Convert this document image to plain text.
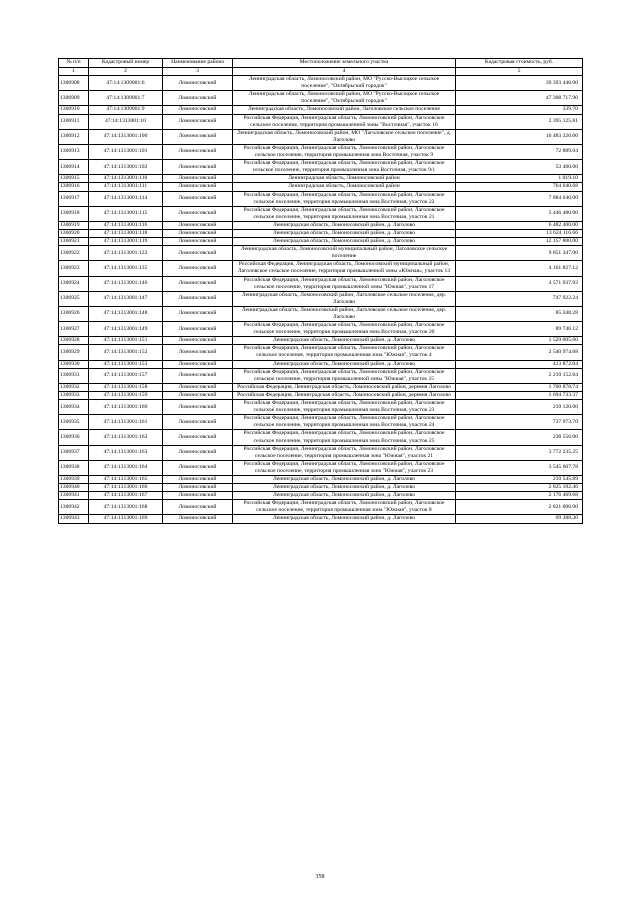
№ п/п	Кадастровый номер	Наименование района	Местоположение земельного участка	Кадастровая стоимость, руб.
1	2	3	4	5
1306908	47:14:1309001:6	Ломоносовский	Ленинградская область, Ломоносовский район, МО "Русско-Высоцкое сельское поселение", "Октябрьский городок"	39 393 440.00
1306909	47:14:1309001:7	Ломоносовский	Ленинградская область, Ломоносовский район, МО "Русско-Высоцкое сельское поселение", "Октябрьский городок"	47 308 717.90
1306910	47:14:1309001:9	Ломоносовский	Ленинградская область, Ломоносовский район, Лаголовское сельское поселение	339.70
1306911	47:14:1313001:10	Ломоносовский	Российская Федерация, Ленинградская область, Ломоносовский район, Лаголовское сельское поселение, территория промышленной зоны "Восточная", участок 16	2 395 125.81
1306912	47:14:1313001:100	Ломоносовский	Ленинградская область, Ломоносовский район, МО "Лаголовское сельское поселение", д. Лаголово	10 483 320.00
1306913	47:14:1313001:101	Ломоносовский	Российская Федерация, Ленинградская область, Ломоносовский район, Лаголовское сельское поселение, территория промышленная зона Восточная, участок 9	72 889.04
1306914	47:14:1313001:102	Ломоносовский	Российская Федерация, Ленинградская область, Ломоносовский район, Лаголовское сельское поселение, территория промышленная зона Восточная, участок 9/1	53 400.00
1306915	47:14:1313001:110	Ломоносовский	Ленинградская область, Ломоносовский район	1 019.10
1306916	47:14:1313001:111	Ломоносовский	Ленинградская область, Ломоносовский район	764 640.68
1306917	47:14:1313001:114	Ломоносовский	Российская Федерация, Ленинградская область, Ломоносовский район, Лаголовское сельское поселение, территория промышленная зона Восточная, участок 22	7 884 640.00
1306918	47:14:1313001:115	Ломоносовский	Российская Федерация, Ленинградская область, Ломоносовский район, Лаголовское сельское поселение, территория промышленная зона Восточная, участок 21	5 446 480.00
1306919	47:14:1313001:116	Ломоносовский	Ленинградская область, Ломоносовский район, д. Лаголово	6 482 400.00
1306920	47:14:1313001:118	Ломоносовский	Ленинградская область, Ломоносовский район, д. Лаголово	13 624 116.66
1306921	47:14:1313001:119	Ломоносовский	Ленинградская область, Ломоносовский район, д. Лаголово	12 157 800.00
1306922	47:14:1313001:122	Ломоносовский	Ленинградская область, Ломоносовский муниципальный район, Лаголовское сельское поселение	9 851 347.00
1306923	47:14:1313001:135	Ломоносовский	Российская Федерация, Ленинградская область, Ломоносовский муниципальный район, Лаголовское сельское поселение, территория промышленной зоны «Южная», участок 13	4 161 827.12
1306924	47:14:1313001:146	Ломоносовский	Российская Федерация, Ленинградская область, Ломоносовский район, Лаголовское сельское поселение, территория промышленной зоны "Южная", участок 17	4 571 937.92
1306925	47:14:1313001:147	Ломоносовский	Ленинградская область, Ломоносовский район, Лаголовское сельское поселение, дер. Лаголово	747 922.24
1306926	47:14:1313001:148	Ломоносовский	Ленинградская область, Ломоносовский район, Лаголовское сельское поселение, дер. Лаголово	85 348.28
1306927	47:14:1313001:149	Ломоносовский	Российская Федерация, Ленинградская область, Ломоносовский район, Лаголовское сельское поселение, территория промышленная зона Восточная, участок 20	89 746.12
1306928	47:14:1313001:151	Ломоносовский	Ленинградская область, Ломоносовский район, д. Лаголово	1 529 005.60
1306929	47:14:1313001:152	Ломоносовский	Российская Федерация, Ленинградская область, Ломоносовский район, Лаголовское сельское поселение, территория промышленная зона "Южная", участок 4	2 540 974.68
1306930	47:14:1313001:153	Ломоносовский	Ленинградская область, Ломоносовский район, д. Лаголово	413 872.04
1306931	47:14:1313001:157	Ломоносовский	Российская Федерация, Ленинградская область, Ломоносовский район, Лаголовское сельское поселение, территория промышленной зоны "Южная", участок 15	2 210 152.84
1306932	47:14:1313001:158	Ломоносовский	Российская Федерация, Ленинградская область, Ломоносовский район, деревня Лаголово	1 700 878.74
1306933	47:14:1313001:159	Ломоносовский	Российская Федерация, Ленинградская область, Ломоносовский район, деревня Лаголово	1 694 733.37
1306934	47:14:1313001:160	Ломоносовский	Российская Федерация, Ленинградская область, Ломоносовский район, Лаголовское сельское поселение, территория промышленная зона Восточная, участок 23	210 120.00
1306935	47:14:1313001:161	Ломоносовский	Российская Федерация, Ленинградская область, Ломоносовский район, Лаголовское сельское поселение, территория промышленная зона Восточная, участок 24	737 973.70
1306936	47:14:1313001:162	Ломоносовский	Российская Федерация, Ленинградская область, Ломоносовский район, Лаголовское сельское поселение, территория промышленная зона Восточная, участок 25	238 556.00
1306937	47:14:1313001:163	Ломоносовский	Российская Федерация, Ленинградская область, Ломоносовский район, Лаголовское сельское поселение, территория промышленная зона "Южная", участок 21	3 772 235.25
1306938	47:14:1313001:164	Ломоносовский	Российская Федерация, Ленинградская область, Ломоносовский район, Лаголовское сельское поселение, территория промышленная зона "Южная", участок 23	3 545 607.78
1306939	47:14:1313001:165	Ломоносовский	Ленинградская область, Ломоносовский район, д. Лаголово	210 545.89
1306940	47:14:1313001:166	Ломоносовский	Ленинградская область, Ломоносовский район, д. Лаголово	2 825 182.46
1306941	47:14:1313001:167	Ломоносовский	Ленинградская область, Ломоносовский район, д. Лаголово	2 176 469.68
1306942	47:14:1313001:168	Ломоносовский	Российская Федерация, Ленинградская область, Ломоносовский район, Лаголовское сельское поселение, территория промышленная зона "Южная", участок 8	2 821 000.00
1306943	47:14:1313001:169	Ломоносовский	Ленинградская область, Ломоносовский район, д. Лаголово	69 388.30
358
